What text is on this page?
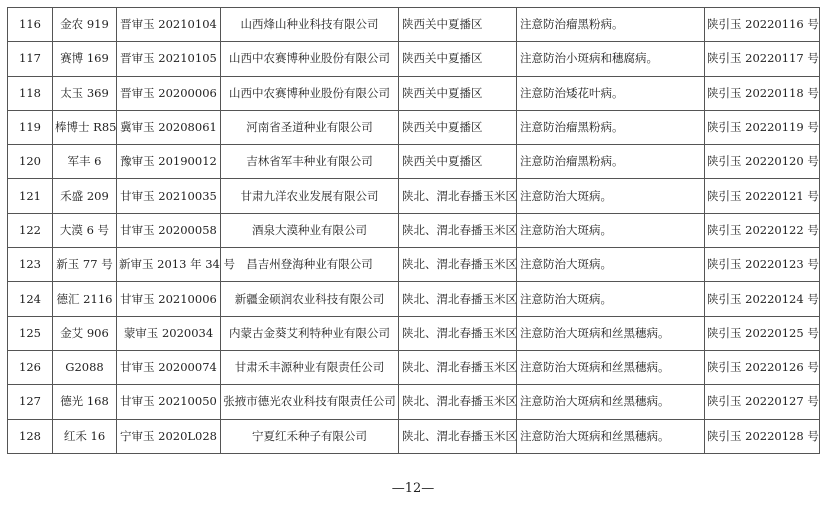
116	金农 919	晋审玉 20210104	山西烽山种业科技有限公司	陕西关中夏播区	注意防治瘤黑粉病。	陕引玉 20220116 号
117	赛博 169	晋审玉 20210105	山西中农赛博种业股份有限公司	陕西关中夏播区	注意防治小斑病和穗腐病。	陕引玉 20220117 号
118	太玉 369	晋审玉 20200006	山西中农赛博种业股份有限公司	陕西关中夏播区	注意防治矮花叶病。	陕引玉 20220118 号
119	棒博士 R85	冀审玉 20208061	河南省圣道种业有限公司	陕西关中夏播区	注意防治瘤黑粉病。	陕引玉 20220119 号
120	军丰 6	豫审玉 20190012	吉林省军丰种业有限公司	陕西关中夏播区	注意防治瘤黑粉病。	陕引玉 20220120 号
121	禾盛 209	甘审玉 20210035	甘肃九洋农业发展有限公司	陕北、渭北春播玉米区	注意防治大斑病。	陕引玉 20220121 号
122	大漠 6 号	甘审玉 20200058	酒泉大漠种业有限公司	陕北、渭北春播玉米区	注意防治大斑病。	陕引玉 20220122 号
123	新玉 77 号	新审玉 2013 年 34 号	昌吉州登海种业有限公司	陕北、渭北春播玉米区	注意防治大斑病。	陕引玉 20220123 号
124	德汇 2116	甘审玉 20210006	新疆金硕润农业科技有限公司	陕北、渭北春播玉米区	注意防治大斑病。	陕引玉 20220124 号
125	金艾 906	蒙审玉 2020034	内蒙古金葵艾利特种业有限公司	陕北、渭北春播玉米区	注意防治大斑病和丝黑穗病。	陕引玉 20220125 号
126	G2088	甘审玉 20200074	甘肃禾丰源种业有限责任公司	陕北、渭北春播玉米区	注意防治大斑病和丝黑穗病。	陕引玉 20220126 号
127	德光 168	甘审玉 20210050	张掖市德光农业科技有限责任公司	陕北、渭北春播玉米区	注意防治大斑病和丝黑穗病。	陕引玉 20220127 号
128	红禾 16	宁审玉 2020L028	宁夏红禾种子有限公司	陕北、渭北春播玉米区	注意防治大斑病和丝黑穗病。	陕引玉 20220128 号
—12—
